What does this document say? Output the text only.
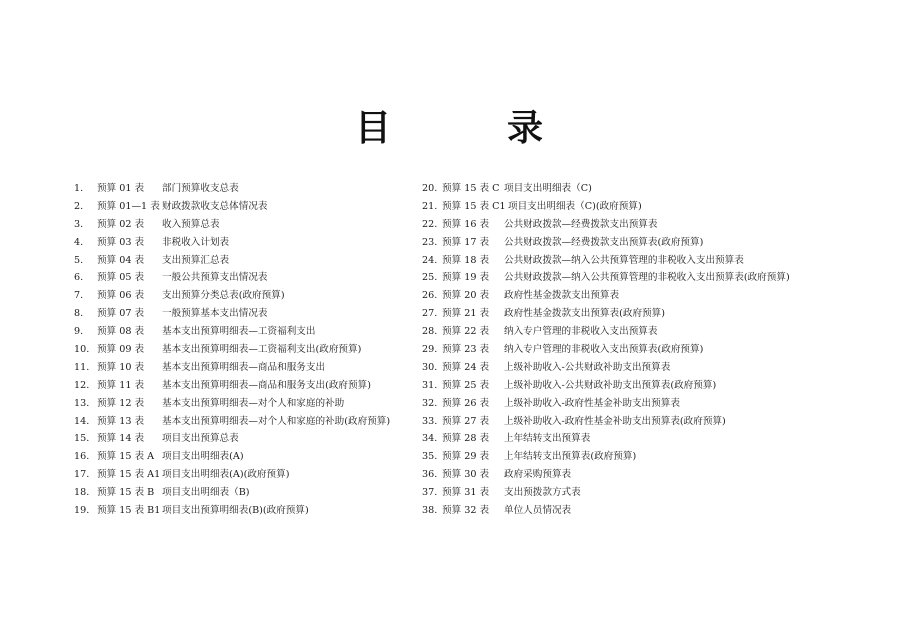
目　录
1.	预算 01 表 部门预算收支总表
2.	预算 01—1 表 财政拨款收支总体情况表
3.	预算 02 表 收入预算总表
4.	预算 03 表 非税收入计划表
5.	预算 04 表 支出预算汇总表
6.	预算 05 表 一般公共预算支出情况表
7.	预算 06 表 支出预算分类总表(政府预算)
8.	预算 07 表 一般预算基本支出情况表
9.	预算 08 表 基本支出预算明细表—工资福利支出
10. 预算 09 表 基本支出预算明细表—工资福利支出(政府预算)
11. 预算 10 表 基本支出预算明细表—商品和服务支出
12. 预算 11 表 基本支出预算明细表—商品和服务支出(政府预算)
13. 预算 12 表 基本支出预算明细表—对个人和家庭的补助
14. 预算 13 表 基本支出预算明细表—对个人和家庭的补助(政府预算)
15. 预算 14 表 项目支出预算总表
16. 预算 15 表 A 项目支出明细表(A)
17. 预算 15 表 A1 项目支出明细表(A)(政府预算)
18. 预算 15 表 B 项目支出明细表（B)
19. 预算 15 表 B1 项目支出预算明细表(B)(政府预算)
20. 预算 15 表 C 项目支出明细表（C)
21. 预算 15 表 C1 项目支出明细表（C)(政府预算)
22. 预算 16 表 公共财政拨款—经费拨款支出预算表
23. 预算 17 表 公共财政拨款—经费拨款支出预算表(政府预算)
24. 预算 18 表 公共财政拨款—纳入公共预算管理的非税收入支出预算表
25. 预算 19 表 公共财政拨款—纳入公共预算管理的非税收入支出预算表(政府预算)
26. 预算 20 表 政府性基金拨款支出预算表
27. 预算 21 表 政府性基金拨款支出预算表(政府预算)
28. 预算 22 表 纳入专户管理的非税收入支出预算表
29. 预算 23 表 纳入专户管理的非税收入支出预算表(政府预算)
30. 预算 24 表 上级补助收入-公共财政补助支出预算表
31. 预算 25 表 上级补助收入-公共财政补助支出预算表(政府预算)
32. 预算 26 表 上级补助收入-政府性基金补助支出预算表
33. 预算 27 表 上级补助收入-政府性基金补助支出预算表(政府预算)
34. 预算 28 表 上年结转支出预算表
35. 预算 29 表 上年结转支出预算表(政府预算)
36. 预算 30 表 政府采购预算表
37. 预算 31 表 支出预拨款方式表
38. 预算 32 表 单位人员情况表
